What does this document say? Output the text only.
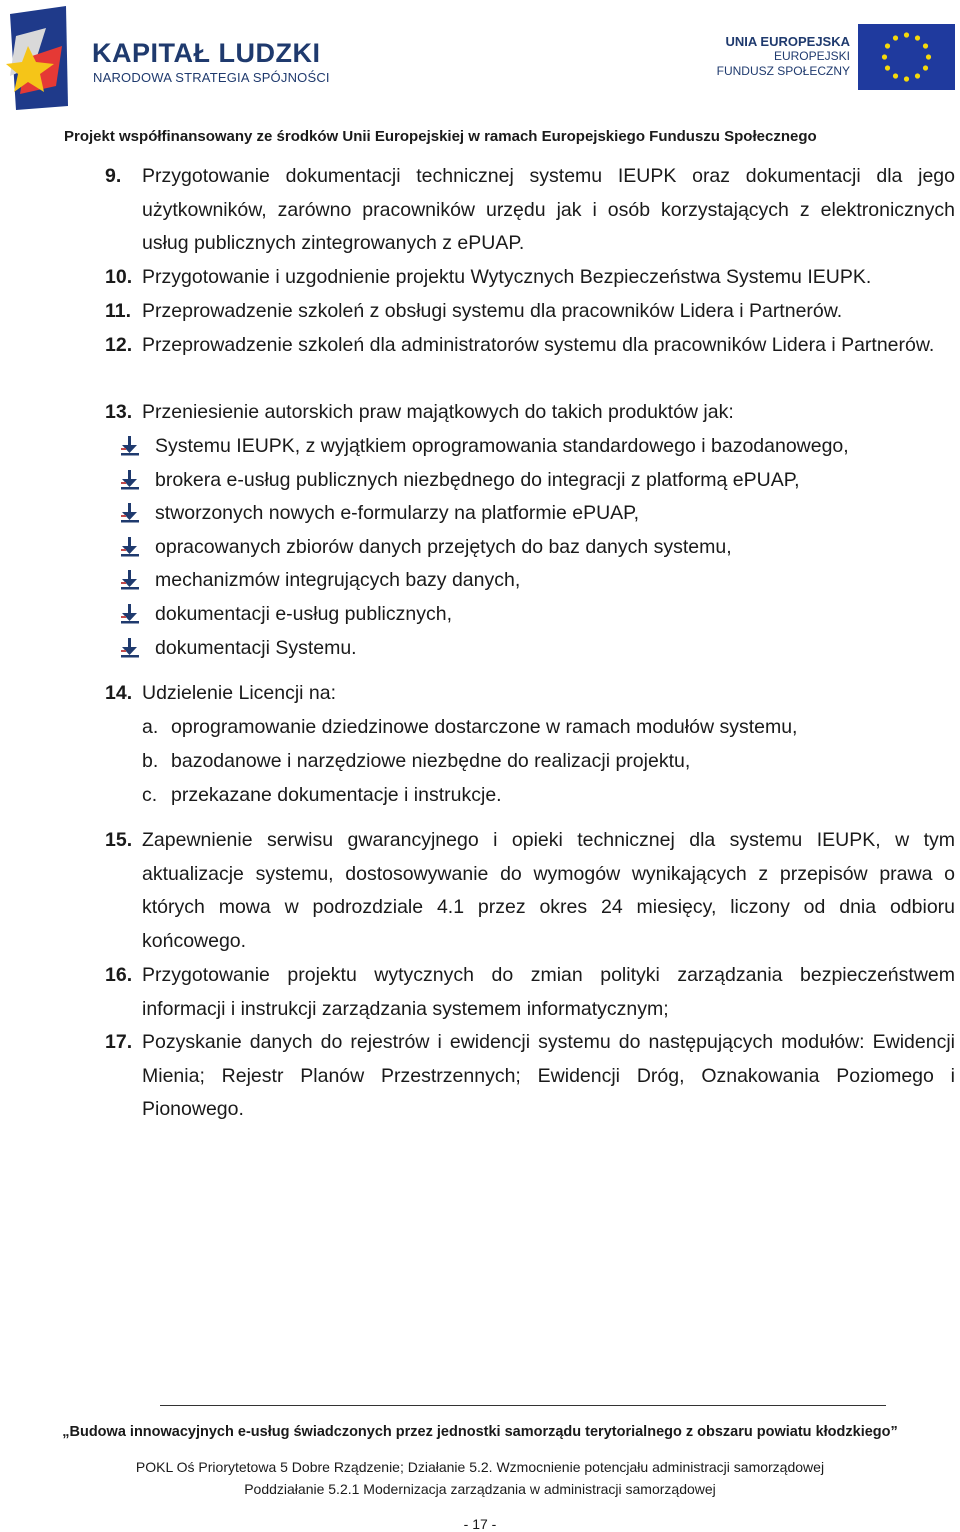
KAPITAŁ LUDZKI
NARODOWA STRATEGIA SPÓJNOŚCI
UNIA EUROPEJSKA
EUROPEJSKI
FUNDUSZ SPOŁECZNY
Projekt współfinansowany ze środków Unii Europejskiej w ramach Europejskiego Funduszu Społecznego
9. Przygotowanie dokumentacji technicznej systemu IEUPK oraz dokumentacji dla jego użytkowników, zarówno pracowników urzędu jak i osób korzystających z elektronicznych usług publicznych zintegrowanych z ePUAP.
10. Przygotowanie i uzgodnienie projektu Wytycznych Bezpieczeństwa Systemu IEUPK.
11. Przeprowadzenie szkoleń z obsługi systemu dla pracowników Lidera i Partnerów.
12. Przeprowadzenie szkoleń dla administratorów systemu dla pracowników Lidera i Partnerów.
13. Przeniesienie autorskich praw majątkowych do takich produktów jak:
Systemu IEUPK, z wyjątkiem oprogramowania standardowego i bazodanowego,
brokera e-usług publicznych niezbędnego do integracji z platformą ePUAP,
stworzonych nowych e-formularzy na platformie ePUAP,
opracowanych zbiorów danych przejętych do baz danych systemu,
mechanizmów integrujących bazy danych,
dokumentacji e-usług publicznych,
dokumentacji Systemu.
14. Udzielenie Licencji na:
a. oprogramowanie dziedzinowe dostarczone w ramach modułów systemu,
b. bazodanowe i narzędziowe niezbędne do realizacji projektu,
c. przekazane dokumentacje i instrukcje.
15. Zapewnienie serwisu gwarancyjnego i opieki technicznej dla systemu IEUPK, w tym aktualizacje systemu, dostosowywanie do wymogów wynikających z przepisów prawa o których mowa w podrozdziale 4.1 przez okres 24 miesięcy, liczony od dnia odbioru końcowego.
16. Przygotowanie projektu wytycznych do zmian polityki zarządzania bezpieczeństwem informacji i instrukcji zarządzania systemem informatycznym;
17. Pozyskanie danych do rejestrów i ewidencji systemu do następujących modułów: Ewidencji Mienia; Rejestr Planów Przestrzennych; Ewidencji Dróg, Oznakowania Poziomego i Pionowego.
„Budowa innowacyjnych e-usług świadczonych przez jednostki samorządu terytorialnego z obszaru powiatu kłodzkiego”
POKL Oś Priorytetowa 5 Dobre Rządzenie; Działanie 5.2. Wzmocnienie potencjału administracji samorządowej
Poddziałanie 5.2.1 Modernizacja zarządzania w administracji samorządowej
- 17 -
